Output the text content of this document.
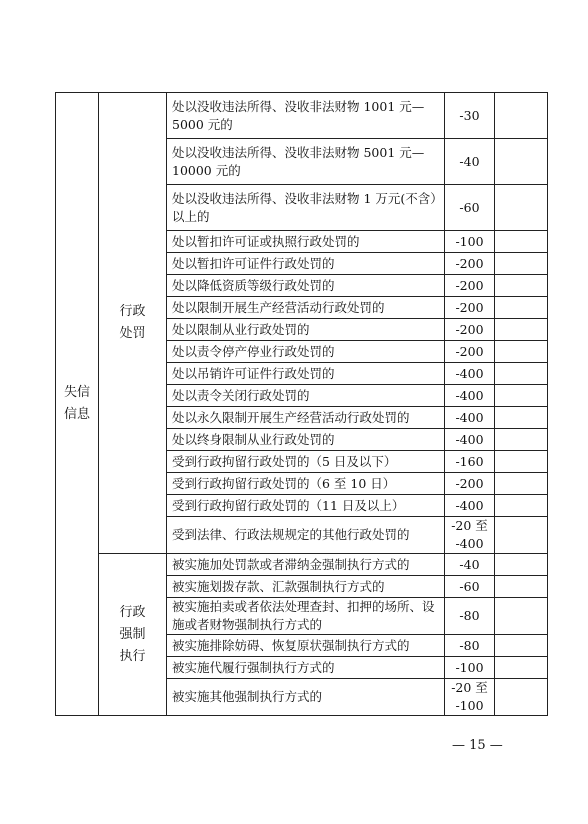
失信信息	行政处罚	处以没收违法所得、没收非法财物 1001 元—5000 元的	-30	
		处以没收违法所得、没收非法财物 5001 元—10000 元的	-40	
		处以没收违法所得、没收非法财物 1 万元(不含）以上的	-60	
		处以暂扣许可证或执照行政处罚的	-100	
		处以暂扣许可证件行政处罚的	-200	
		处以降低资质等级行政处罚的	-200	
		处以限制开展生产经营活动行政处罚的	-200	
		处以限制从业行政处罚的	-200	
		处以责令停产停业行政处罚的	-200	
		处以吊销许可证件行政处罚的	-400	
		处以责令关闭行政处罚的	-400	
		处以永久限制开展生产经营活动行政处罚的	-400	
		处以终身限制从业行政处罚的	-400	
		受到行政拘留行政处罚的（5 日及以下）	-160	
		受到行政拘留行政处罚的（6 至 10 日）	-200	
		受到行政拘留行政处罚的（11 日及以上）	-400	
		受到法律、行政法规规定的其他行政处罚的	-20 至 -400	
	行政强制执行	被实施加处罚款或者滞纳金强制执行方式的	-40	
		被实施划拨存款、汇款强制执行方式的	-60	
		被实施拍卖或者依法处理查封、扣押的场所、设施或者财物强制执行方式的	-80	
		被实施排除妨碍、恢复原状强制执行方式的	-80	
		被实施代履行强制执行方式的	-100	
		被实施其他强制执行方式的	-20 至 -100	
— 15 —
